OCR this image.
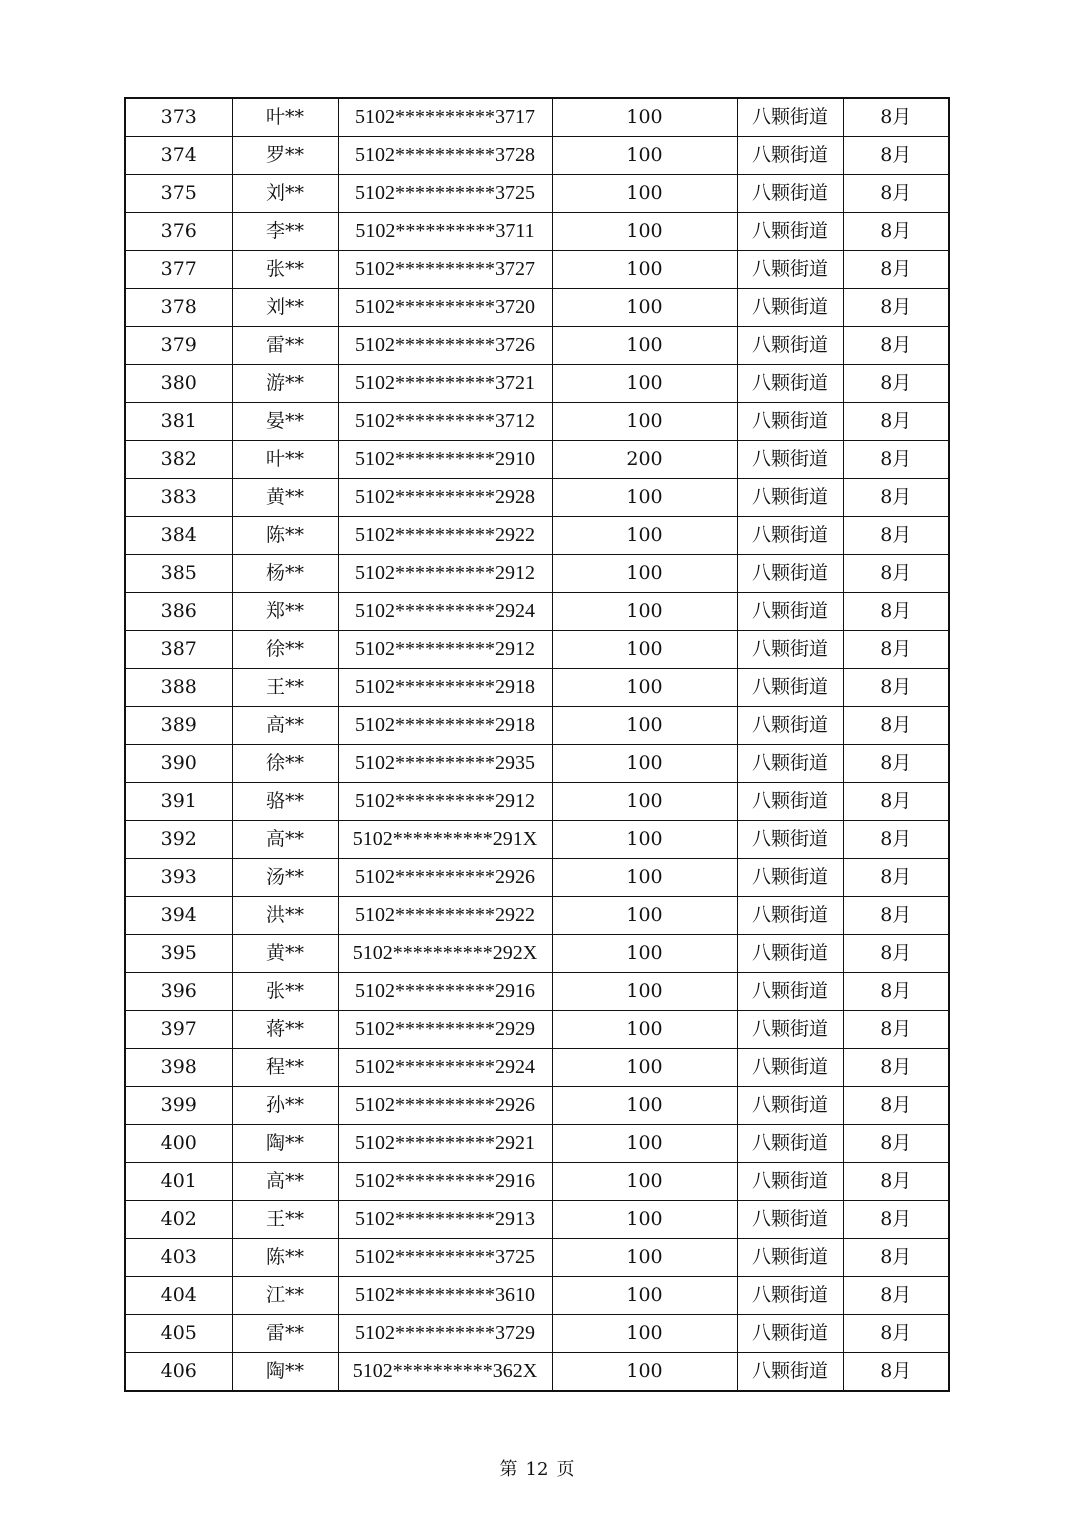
373	叶**	5102**********3717	100	八颗街道	8月
374	罗**	5102**********3728	100	八颗街道	8月
375	刘**	5102**********3725	100	八颗街道	8月
376	李**	5102**********3711	100	八颗街道	8月
377	张**	5102**********3727	100	八颗街道	8月
378	刘**	5102**********3720	100	八颗街道	8月
379	雷**	5102**********3726	100	八颗街道	8月
380	游**	5102**********3721	100	八颗街道	8月
381	晏**	5102**********3712	100	八颗街道	8月
382	叶**	5102**********2910	200	八颗街道	8月
383	黄**	5102**********2928	100	八颗街道	8月
384	陈**	5102**********2922	100	八颗街道	8月
385	杨**	5102**********2912	100	八颗街道	8月
386	郑**	5102**********2924	100	八颗街道	8月
387	徐**	5102**********2912	100	八颗街道	8月
388	王**	5102**********2918	100	八颗街道	8月
389	高**	5102**********2918	100	八颗街道	8月
390	徐**	5102**********2935	100	八颗街道	8月
391	骆**	5102**********2912	100	八颗街道	8月
392	高**	5102**********291X	100	八颗街道	8月
393	汤**	5102**********2926	100	八颗街道	8月
394	洪**	5102**********2922	100	八颗街道	8月
395	黄**	5102**********292X	100	八颗街道	8月
396	张**	5102**********2916	100	八颗街道	8月
397	蒋**	5102**********2929	100	八颗街道	8月
398	程**	5102**********2924	100	八颗街道	8月
399	孙**	5102**********2926	100	八颗街道	8月
400	陶**	5102**********2921	100	八颗街道	8月
401	高**	5102**********2916	100	八颗街道	8月
402	王**	5102**********2913	100	八颗街道	8月
403	陈**	5102**********3725	100	八颗街道	8月
404	江**	5102**********3610	100	八颗街道	8月
405	雷**	5102**********3729	100	八颗街道	8月
406	陶**	5102**********362X	100	八颗街道	8月
第 12 页
